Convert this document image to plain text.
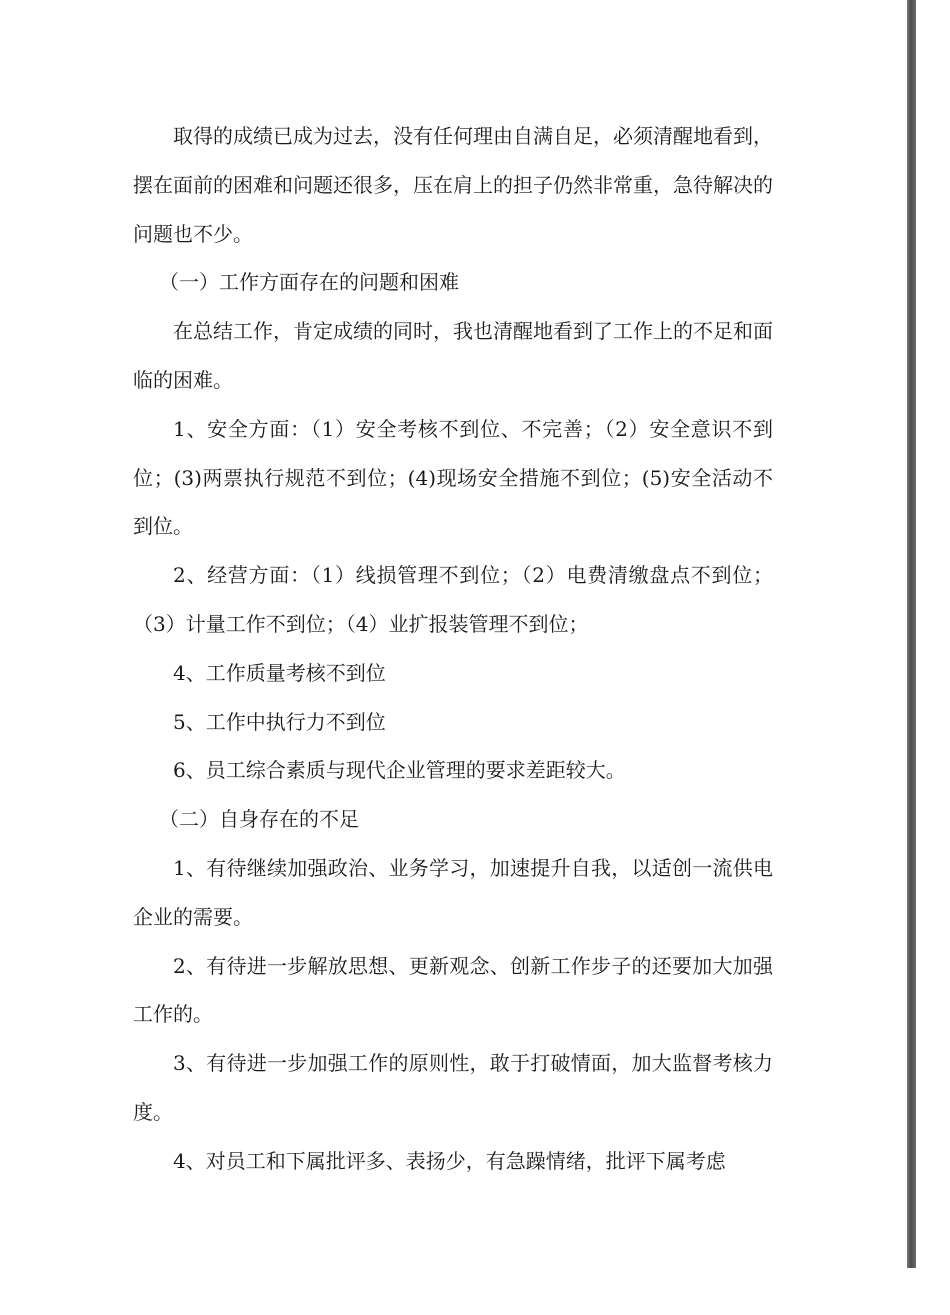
取得的成绩已成为过去，没有任何理由自满自足，必须清醒地看到，摆在面前的困难和问题还很多，压在肩上的担子仍然非常重，急待解决的问题也不少。

（一）工作方面存在的问题和困难

在总结工作，肯定成绩的同时，我也清醒地看到了工作上的不足和面临的困难。

1、安全方面：（1）安全考核不到位、不完善；（2）安全意识不到位；(3)两票执行规范不到位；(4)现场安全措施不到位；(5)安全活动不到位。

2、经营方面：（1）线损管理不到位；（2）电费清缴盘点不到位；（3）计量工作不到位；（4）业扩报装管理不到位；

4、工作质量考核不到位

5、工作中执行力不到位

6、员工综合素质与现代企业管理的要求差距较大。

（二）自身存在的不足

1、有待继续加强政治、业务学习，加速提升自我，以适创一流供电企业的需要。

2、有待进一步解放思想、更新观念、创新工作步子的还要加大加强工作的。

3、有待进一步加强工作的原则性，敢于打破情面，加大监督考核力度。

4、对员工和下属批评多、表扬少，有急躁情绪，批评下属考虑
